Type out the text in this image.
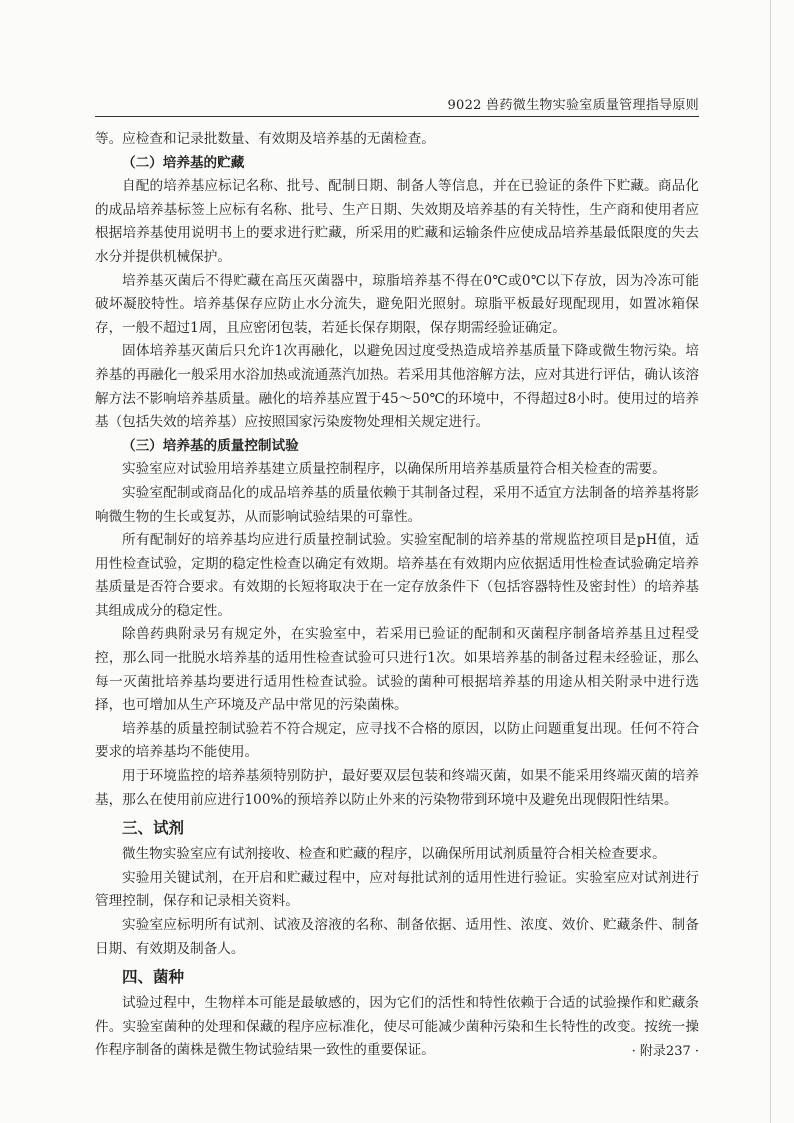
9022 兽药微生物实验室质量管理指导原则

等。应检查和记录批数量、有效期及培养基的无菌检查。

（二）培养基的贮藏

自配的培养基应标记名称、批号、配制日期、制备人等信息，并在已验证的条件下贮藏。商品化的成品培养基标签上应标有名称、批号、生产日期、失效期及培养基的有关特性，生产商和使用者应根据培养基使用说明书上的要求进行贮藏，所采用的贮藏和运输条件应使成品培养基最低限度的失去水分并提供机械保护。

培养基灭菌后不得贮藏在高压灭菌器中，琼脂培养基不得在0℃或0℃以下存放，因为冷冻可能破坏凝胶特性。培养基保存应防止水分流失，避免阳光照射。琼脂平板最好现配现用，如置冰箱保存，一般不超过1周，且应密闭包装，若延长保存期限，保存期需经验证确定。

固体培养基灭菌后只允许1次再融化，以避免因过度受热造成培养基质量下降或微生物污染。培养基的再融化一般采用水浴加热或流通蒸汽加热。若采用其他溶解方法，应对其进行评估，确认该溶解方法不影响培养基质量。融化的培养基应置于45～50℃的环境中，不得超过8小时。使用过的培养基（包括失效的培养基）应按照国家污染废物处理相关规定进行。

（三）培养基的质量控制试验

实验室应对试验用培养基建立质量控制程序，以确保所用培养基质量符合相关检查的需要。

实验室配制或商品化的成品培养基的质量依赖于其制备过程，采用不适宜方法制备的培养基将影响微生物的生长或复苏，从而影响试验结果的可靠性。

所有配制好的培养基均应进行质量控制试验。实验室配制的培养基的常规监控项目是pH值，适用性检查试验，定期的稳定性检查以确定有效期。培养基在有效期内应依据适用性检查试验确定培养基质量是否符合要求。有效期的长短将取决于在一定存放条件下（包括容器特性及密封性）的培养基其组成成分的稳定性。

除兽药典附录另有规定外，在实验室中，若采用已验证的配制和灭菌程序制备培养基且过程受控，那么同一批脱水培养基的适用性检查试验可只进行1次。如果培养基的制备过程未经验证，那么每一灭菌批培养基均要进行适用性检查试验。试验的菌种可根据培养基的用途从相关附录中进行选择，也可增加从生产环境及产品中常见的污染菌株。

培养基的质量控制试验若不符合规定，应寻找不合格的原因，以防止问题重复出现。任何不符合要求的培养基均不能使用。

用于环境监控的培养基须特别防护，最好要双层包装和终端灭菌，如果不能采用终端灭菌的培养基，那么在使用前应进行100%的预培养以防止外来的污染物带到环境中及避免出现假阳性结果。

三、试剂

微生物实验室应有试剂接收、检查和贮藏的程序，以确保所用试剂质量符合相关检查要求。

实验用关键试剂，在开启和贮藏过程中，应对每批试剂的适用性进行验证。实验室应对试剂进行管理控制，保存和记录相关资料。

实验室应标明所有试剂、试液及溶液的名称、制备依据、适用性、浓度、效价、贮藏条件、制备日期、有效期及制备人。

四、菌种

试验过程中，生物样本可能是最敏感的，因为它们的活性和特性依赖于合适的试验操作和贮藏条件。实验室菌种的处理和保藏的程序应标准化，使尽可能减少菌种污染和生长特性的改变。按统一操作程序制备的菌株是微生物试验结果一致性的重要保证。	· 附录237 ·
